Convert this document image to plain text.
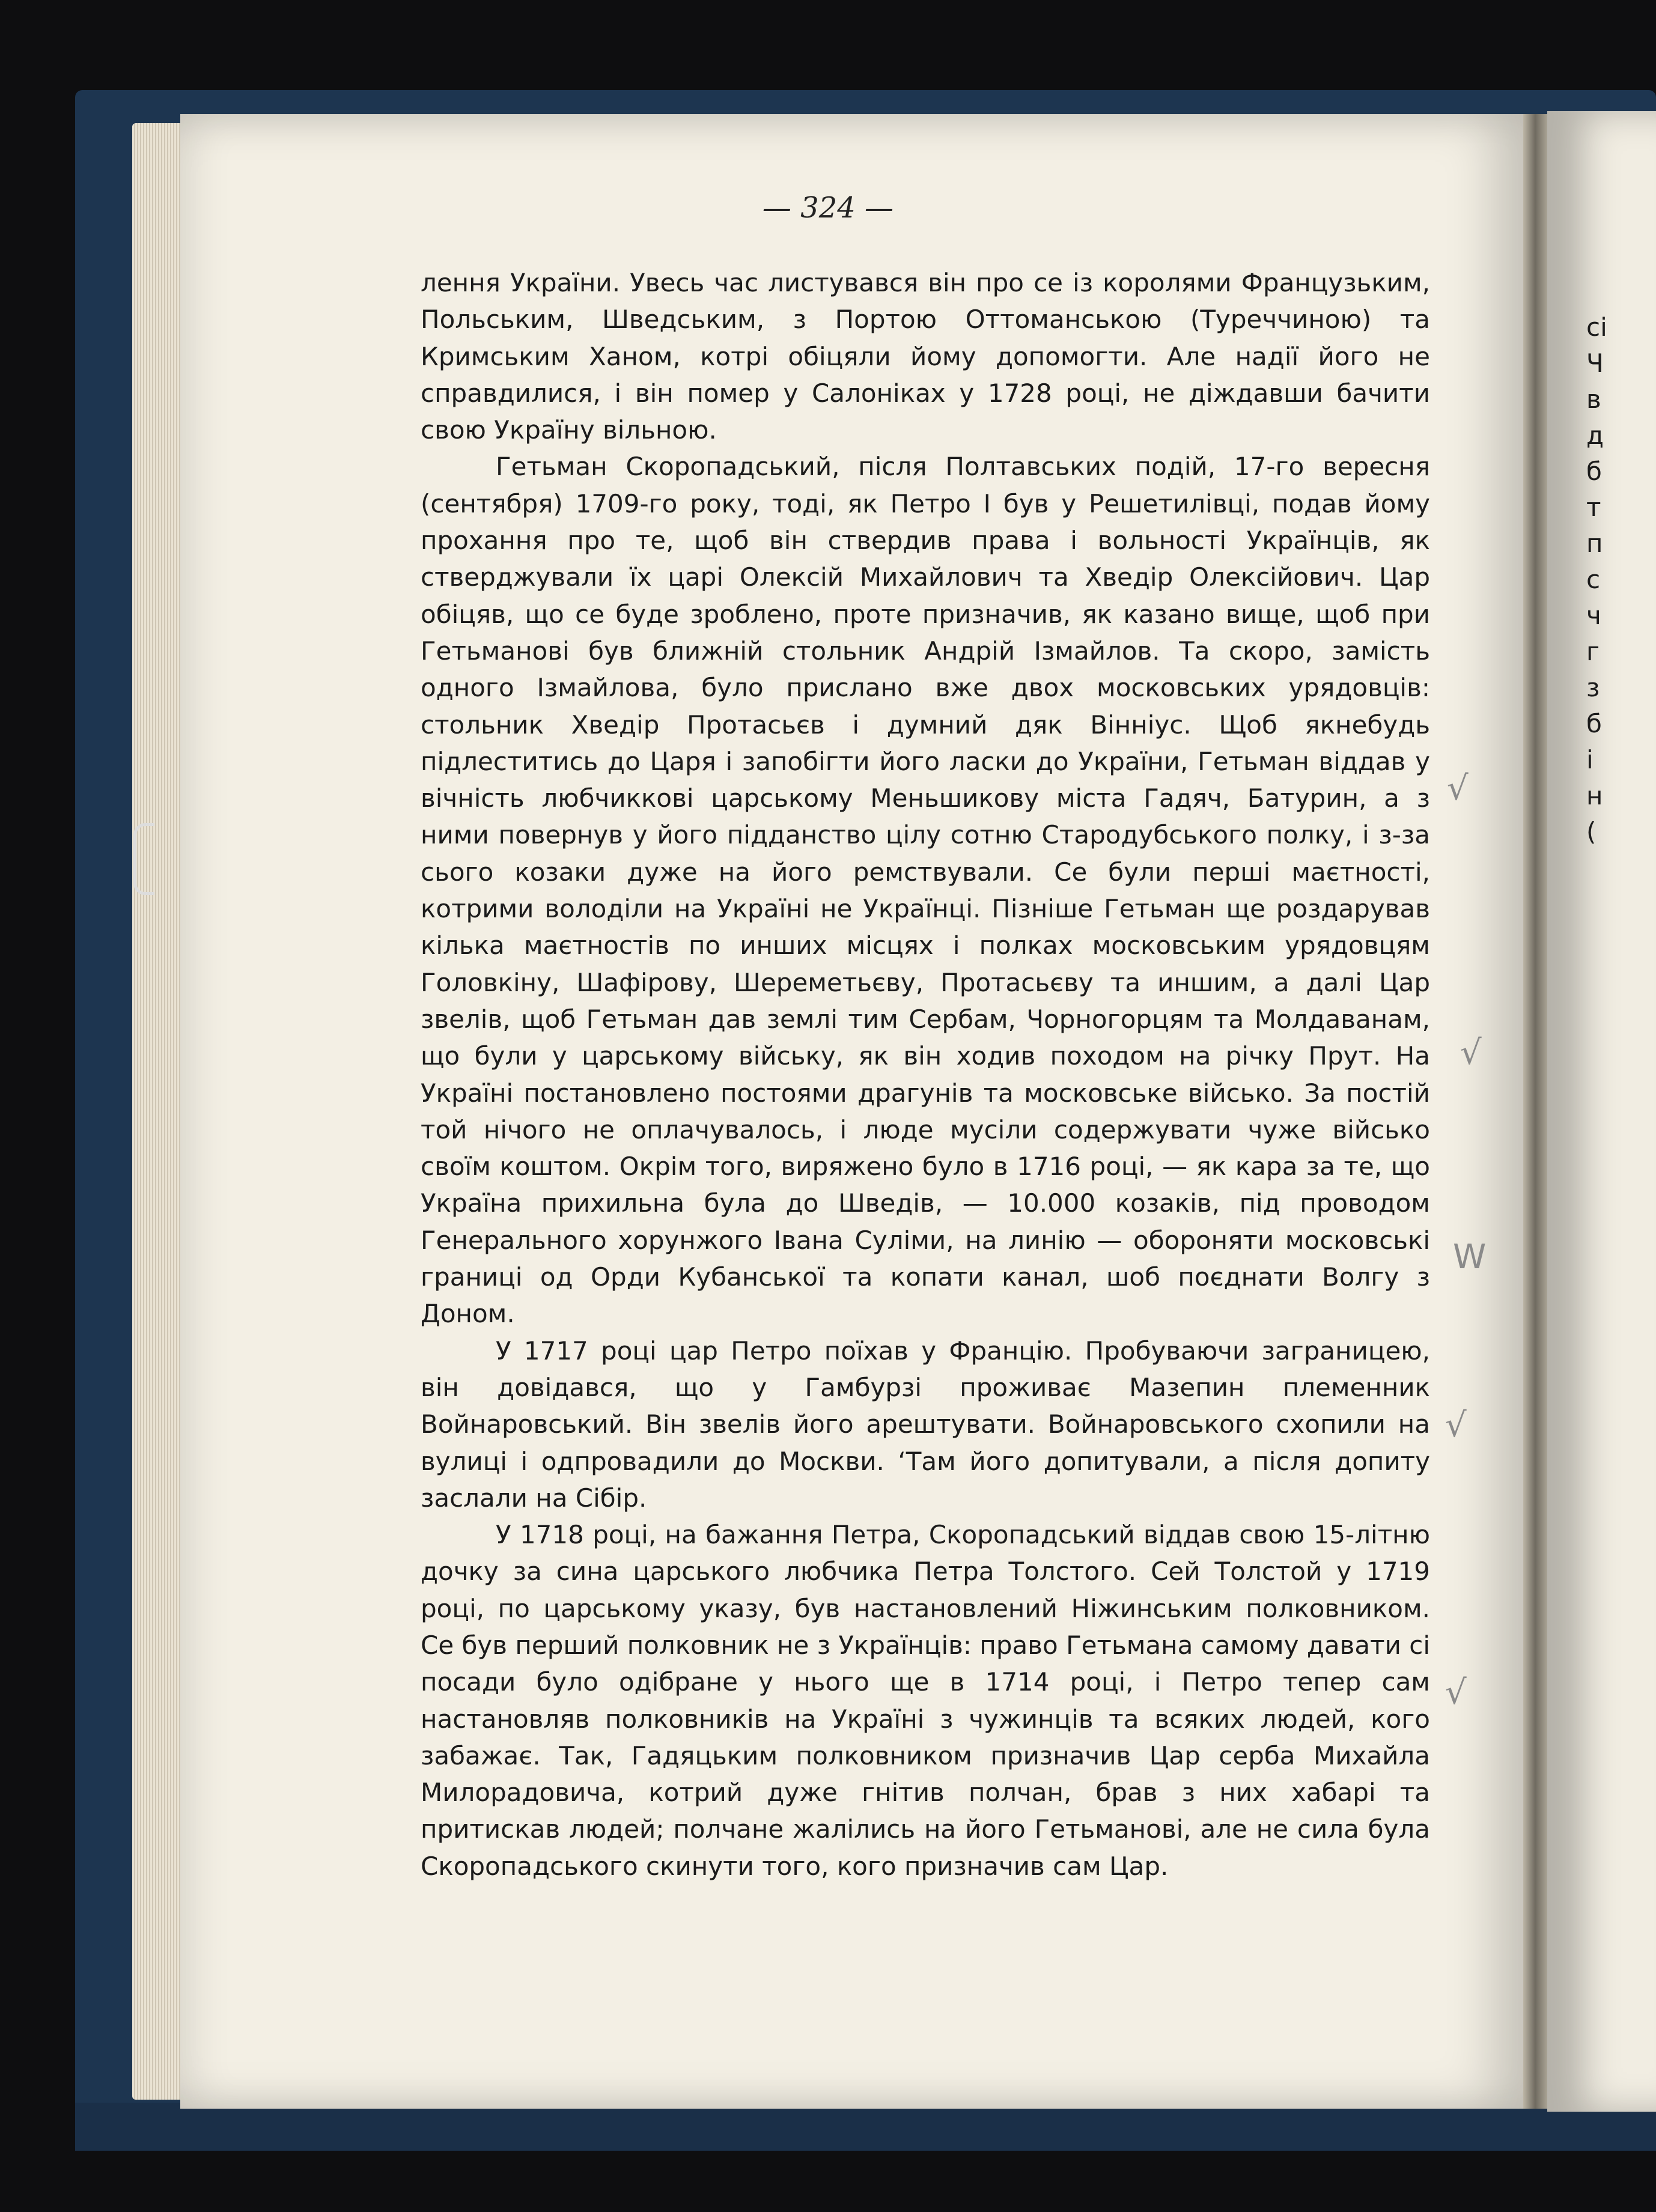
— 324 —

лення України. Увесь час листувався він про се із королями Французьким, Польським, Шведським, з Портою Оттоманською (Туреччиною) та Кримським Ханом, котрі обіцяли йому допомогти. Але надії його не справдилися, і він помер у Салоніках у 1728 році, не діждавши бачити свою Україну вільною.

Гетьман Скоропадський, після Полтавських подій, 17-го вересня (сентября) 1709-го року, тоді, як Петро І був у Решетилівці, подав йому прохання про те, щоб він ствердив права і вольності Українців, як стверджували їх царі Олексій Михайлович та Хведір Олексійович. Цар обіцяв, що се буде зроблено, проте призначив, як казано вище, щоб при Гетьманові був ближній стольник Андрій Ізмайлов. Та скоро, замість одного Ізмайлова, було прислано вже двох московських урядовців: стольник Хведір Протасьєв і думний дяк Вінніус. Щоб якнебудь підлеститись до Царя і запобігти його ласки до України, Гетьман віддав у вічність любчиккові царському Меньшикову міста Гадяч, Батурин, а з ними повернув у його підданство цілу сотню Стародубського полку, і з-за сього козаки дуже на його ремствували. Се були перші маєтності, котрими володіли на Україні не Українці. Пізніше Гетьман ще роздарував кілька маєтностів по инших місцях і полках московським урядовцям Головкіну, Шафірову, Шереметьєву, Протасьєву та иншим, а далі Цар звелів, щоб Гетьман дав землі тим Сербам, Чорногорцям та Молдаванам, що були у царському війську, як він ходив походом на річку Прут. На Україні постановлено постоями драгунів та московське військо. За постій той нічого не оплачувалось, і люде мусіли содержувати чуже військо своїм коштом. Окрім того, виряжено було в 1716 році, — як кара за те, що Україна прихильна була до Шведів, — 10.000 козаків, під проводом Генерального хорунжого Івана Суліми, на линію — обороняти московські границі од Орди Кубанської та копати канал, шоб поєднати Волгу з Доном.

У 1717 році цар Петро поїхав у Францію. Пробуваючи заграницею, він довідався, що у Гамбурзі проживає Мазепин племенник Войнаровський. Він звелів його арештувати. Войнаровського схопили на вулиці і одпровадили до Москви. ‘Там його допитували, а після допиту заслали на Сібір.

У 1718 році, на бажання Петра, Скоропадський віддав свою 15-літню дочку за сина царського любчика Петра Толстого. Сей Толстой у 1719 році, по царському указу, був настановлений Ніжинським полковником. Се був перший полковник не з Українців: право Гетьмана самому давати сі посади було одібране у нього ще в 1714 році, і Петро тепер сам настановляв полковників на Україні з чужинців та всяких людей, кого забажає. Так, Гадяцьким полковником призначив Цар серба Михайла Милорадовича, котрий дуже гнітив полчан, брав з них хабарі та притискав людей; полчане жалілись на його Гетьманові, але не сила була Скоропадського скинути того, кого призначив сам Цар.

√
√
W
√
√
сі
Ч
в
д
б
т
п
с
ч
г
з
б
і
н
(
